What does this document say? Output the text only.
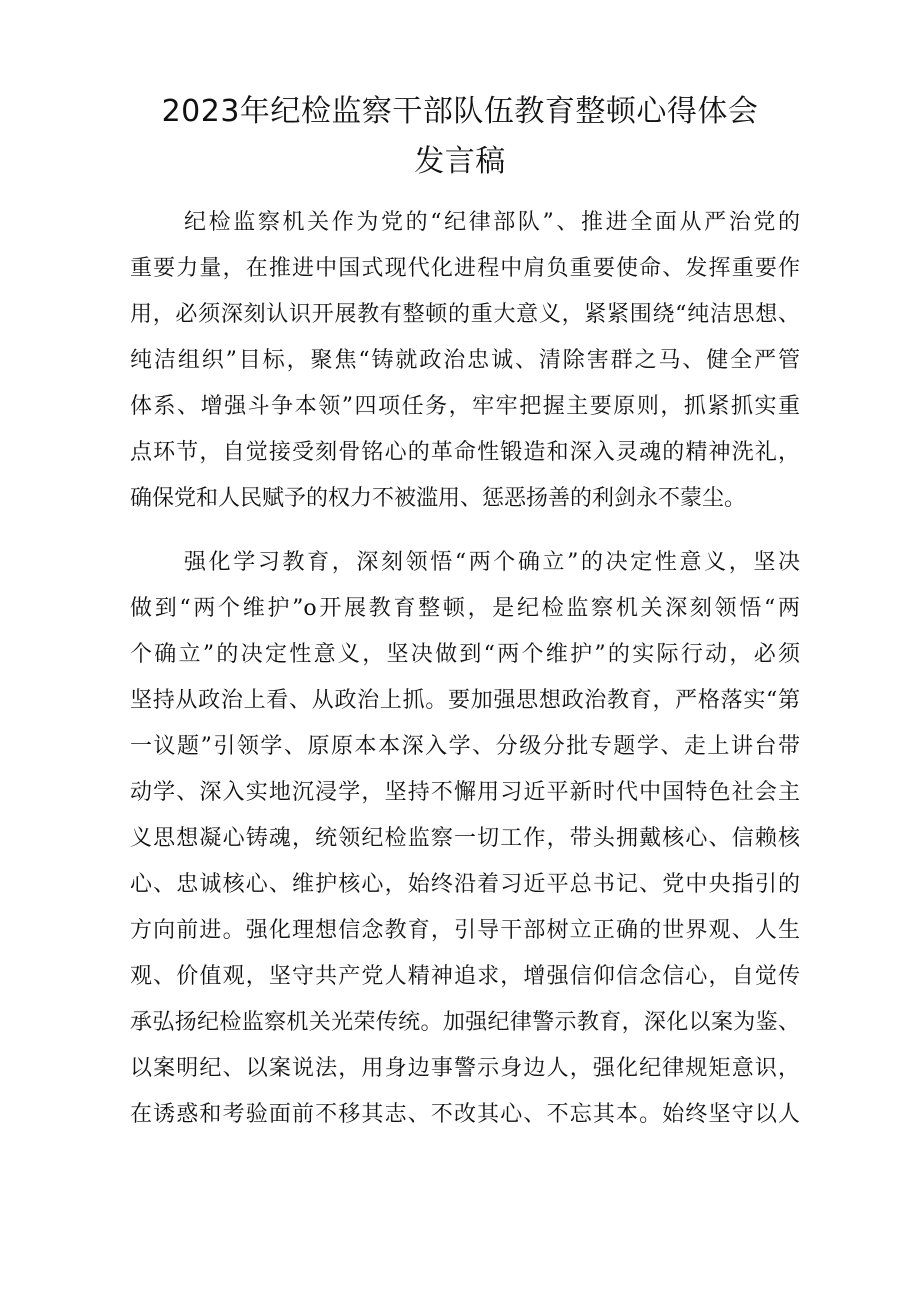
2023年纪检监察干部队伍教育整顿心得体会
发言稿
纪检监察机关作为党的“纪律部队”、推进全面从严治党的
重要力量，在推进中国式现代化进程中肩负重要使命、发挥重要作
用，必须深刻认识开展教有整顿的重大意义，紧紧围绕“纯洁思想、
纯洁组织”目标，聚焦“铸就政治忠诚、清除害群之马、健全严管
体系、增强斗争本领”四项任务，牢牢把握主要原则，抓紧抓实重
点环节，自觉接受刻骨铭心的革命性锻造和深入灵魂的精神洗礼，
确保党和人民赋予的权力不被滥用、惩恶扬善的利剑永不蒙尘。
强化学习教育，深刻领悟“两个确立”的决定性意义，坚决
做到“两个维护”o开展教育整顿，是纪检监察机关深刻领悟“两
个确立”的决定性意义，坚决做到“两个维护”的实际行动，必须
坚持从政治上看、从政治上抓。要加强思想政治教育，严格落实“第
一议题”引领学、原原本本深入学、分级分批专题学、走上讲台带
动学、深入实地沉浸学，坚持不懈用习近平新时代中国特色社会主
义思想凝心铸魂，统领纪检监察一切工作，带头拥戴核心、信赖核
心、忠诚核心、维护核心，始终沿着习近平总书记、党中央指引的
方向前进。强化理想信念教育，引导干部树立正确的世界观、人生
观、价值观，坚守共产党人精神追求，增强信仰信念信心，自觉传
承弘扬纪检监察机关光荣传统。加强纪律警示教育，深化以案为鉴、
以案明纪、以案说法，用身边事警示身边人，强化纪律规矩意识，
在诱惑和考验面前不移其志、不改其心、不忘其本。始终坚守以人
